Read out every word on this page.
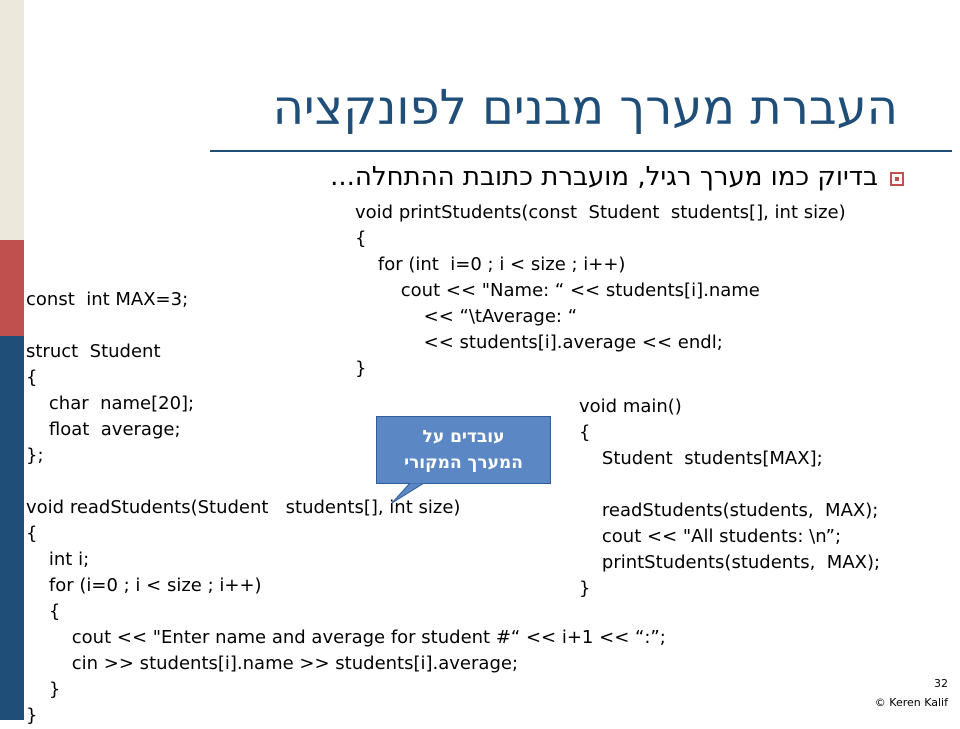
העברת מערך מבנים לפונקציה
בדיוק כמו מערך רגיל, מועברת כתובת ההתחלה...
void printStudents(const  Student  students[], int size)
{
for (int  i=0 ; i < size ; i++)
cout << "Name: “ << students[i].name
<< “\tAverage: “
<< students[i].average << endl;
}
const  int MAX=3;

struct  Student
{
char  name[20];
float  average;
};

void readStudents(Student   students[], int size)
{
int i;
for (i=0 ; i < size ; i++)
{
cout << "Enter name and average for student #“ << i+1 << “:”;
cin >> students[i].name >> students[i].average;
}
}
void main()
{
Student  students[MAX];

readStudents(students,  MAX);
cout << "All students: \n”;
printStudents(students,  MAX);
}
עובדים על
המערך המקורי
32
© Keren Kalif
